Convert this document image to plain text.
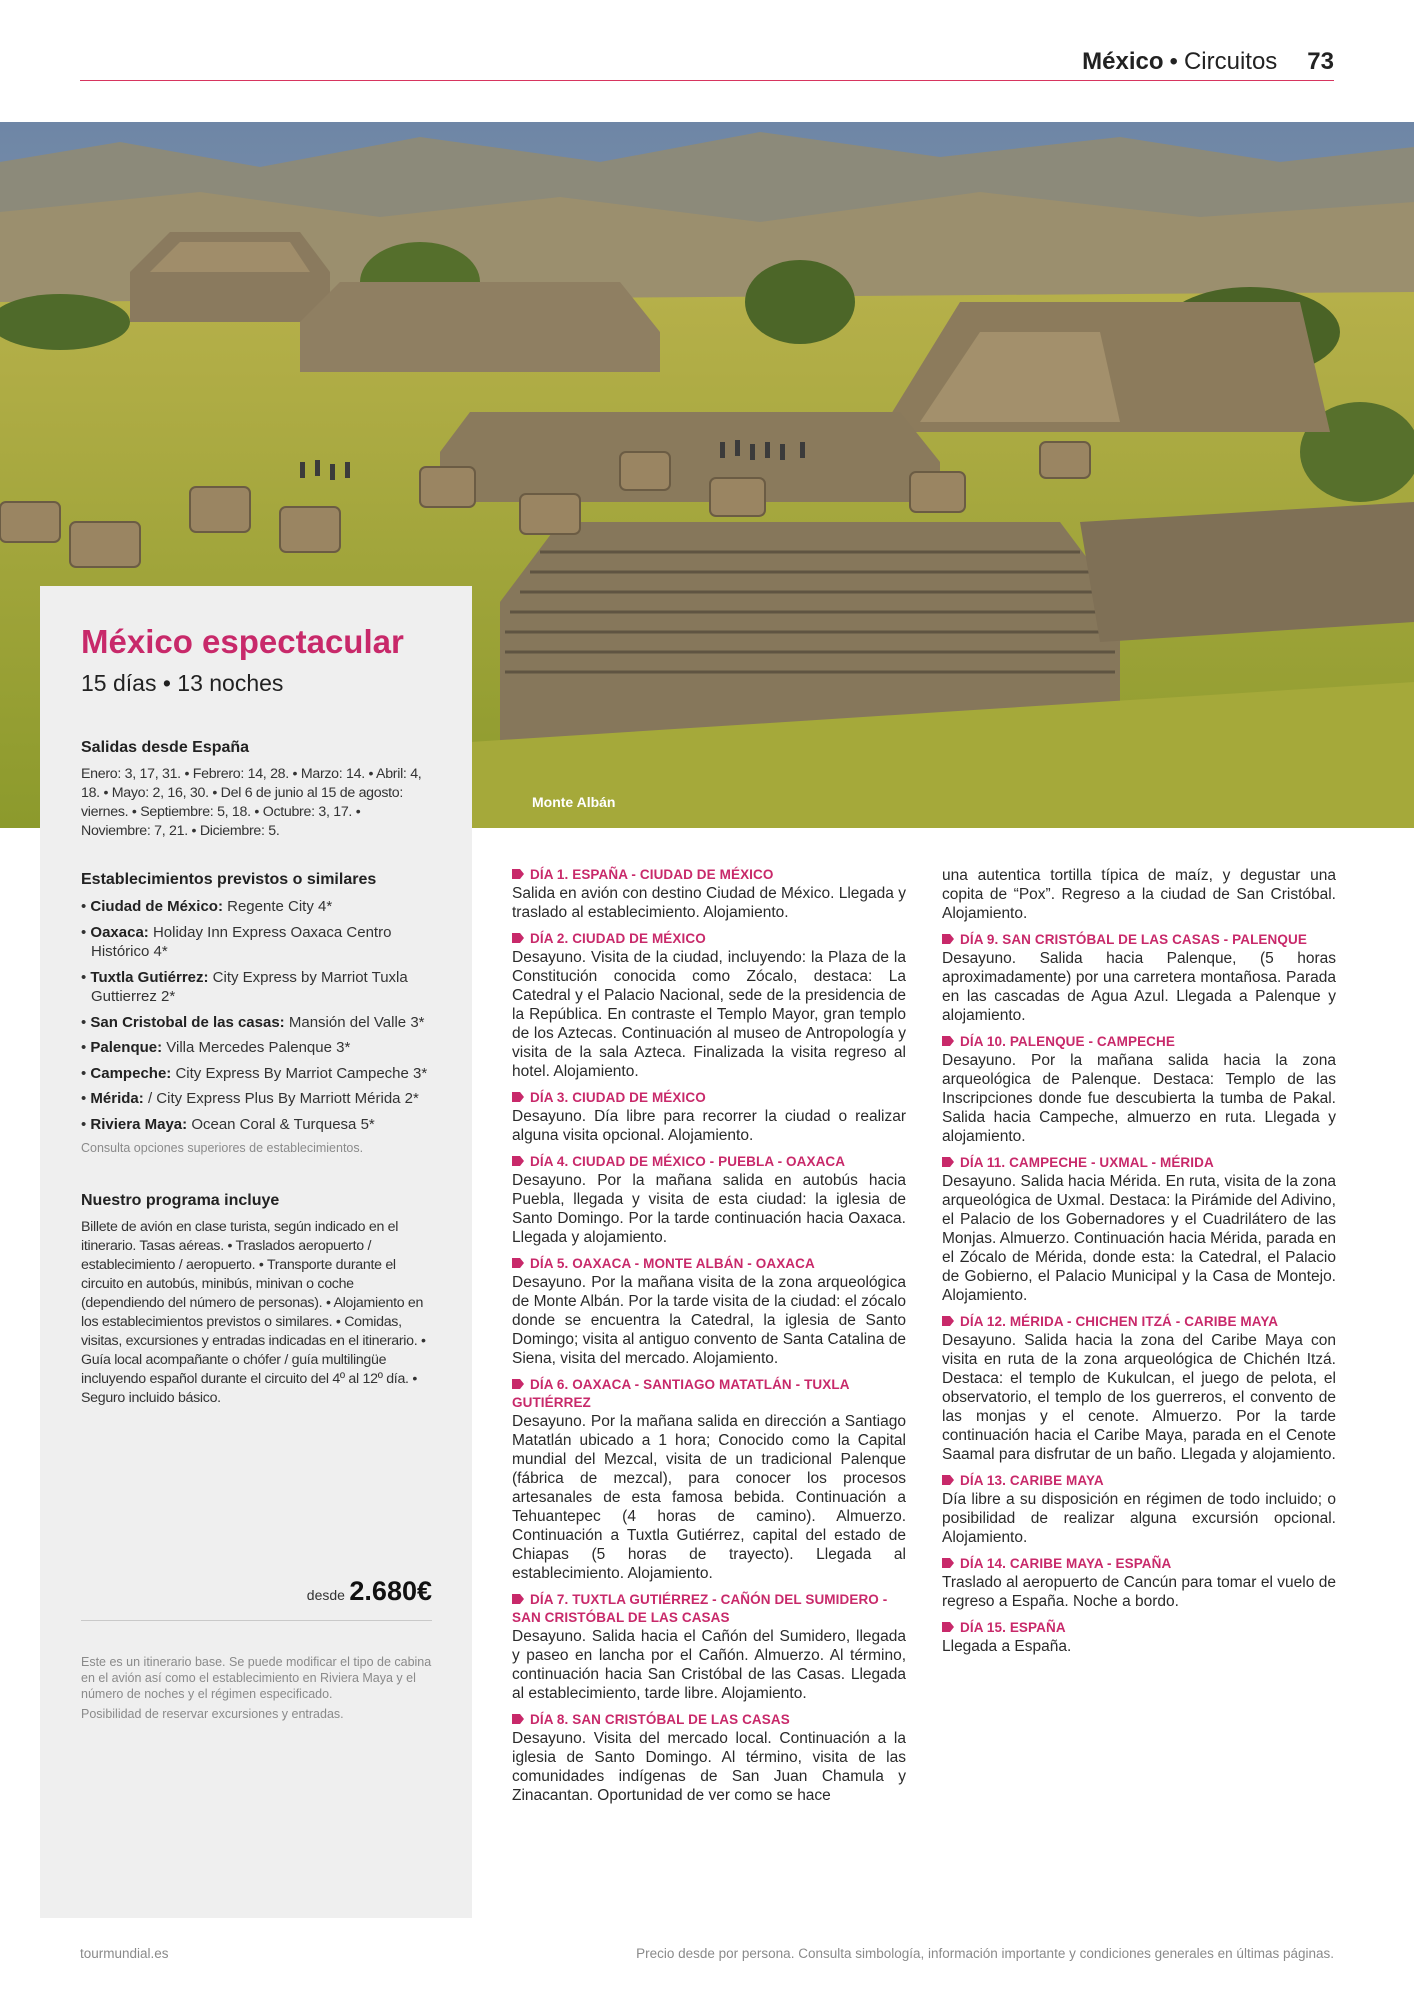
México • Circuitos 73
Monte Albán
México espectacular
15 días • 13 noches
Salidas desde España
Enero: 3, 17, 31. • Febrero: 14, 28. • Marzo: 14. • Abril: 4, 18. • Mayo: 2, 16, 30. • Del 6 de junio al 15 de agosto: viernes. • Septiembre: 5, 18. • Octubre: 3, 17. • Noviembre: 7, 21. • Diciembre: 5.
Establecimientos previstos o similares
• Ciudad de México: Regente City 4*
• Oaxaca: Holiday Inn Express Oaxaca Centro Histórico 4*
• Tuxtla Gutiérrez: City Express by Marriot Tuxla Guttierrez 2*
• San Cristobal de las casas: Mansión del Valle 3*
• Palenque: Villa Mercedes Palenque 3*
• Campeche: City Express By Marriot Campeche 3*
• Mérida: / City Express Plus By Marriott Mérida 2*
• Riviera Maya: Ocean Coral & Turquesa 5*
Consulta opciones superiores de establecimientos.
Nuestro programa incluye
Billete de avión en clase turista, según indicado en el itinerario. Tasas aéreas. • Traslados aeropuerto / establecimiento / aeropuerto. • Transporte durante el circuito en autobús, minibús, minivan o coche (dependiendo del número de personas). • Alojamiento en los establecimientos previstos o similares. • Comidas, visitas, excursiones y entradas indicadas en el itinerario. • Guía local acompañante o chófer / guía multilingüe incluyendo español durante el circuito del 4º al 12º día. • Seguro incluido básico.
desde 2.680€
Este es un itinerario base. Se puede modificar el tipo de cabina en el avión así como el establecimiento en Riviera Maya y el número de noches y el régimen especificado.
Posibilidad de reservar excursiones y entradas.
DÍA 1. ESPAÑA - CIUDAD DE MÉXICO
Salida en avión con destino Ciudad de México. Llegada y traslado al establecimiento. Alojamiento.
DÍA 2. CIUDAD DE MÉXICO
Desayuno. Visita de la ciudad, incluyendo: la Plaza de la Constitución conocida como Zócalo, destaca: La Catedral y el Palacio Nacional, sede de la presidencia de la República. En contraste el Templo Mayor, gran templo de los Aztecas. Continuación al museo de Antropología y visita de la sala Azteca. Finalizada la visita regreso al hotel. Alojamiento.
DÍA 3. CIUDAD DE MÉXICO
Desayuno. Día libre para recorrer la ciudad o realizar alguna visita opcional. Alojamiento.
DÍA 4. CIUDAD DE MÉXICO - PUEBLA - OAXACA
Desayuno. Por la mañana salida en autobús hacia Puebla, llegada y visita de esta ciudad: la iglesia de Santo Domingo. Por la tarde continuación hacia Oaxaca. Llegada y alojamiento.
DÍA 5. OAXACA - MONTE ALBÁN - OAXACA
Desayuno. Por la mañana visita de la zona arqueológica de Monte Albán. Por la tarde visita de la ciudad: el zócalo donde se encuentra la Catedral, la iglesia de Santo Domingo; visita al antiguo convento de Santa Catalina de Siena, visita del mercado. Alojamiento.
DÍA 6. OAXACA - SANTIAGO MATATLÁN - TUXLA GUTIÉRREZ
Desayuno. Por la mañana salida en dirección a Santiago Matatlán ubicado a 1 hora; Conocido como la Capital mundial del Mezcal, visita de un tradicional Palenque (fábrica de mezcal), para conocer los procesos artesanales de esta famosa bebida. Continuación a Tehuantepec (4 horas de camino). Almuerzo. Continuación a Tuxtla Gutiérrez, capital del estado de Chiapas (5 horas de trayecto). Llegada al establecimiento. Alojamiento.
DÍA 7. TUXTLA GUTIÉRREZ - CAÑÓN DEL SUMIDERO - SAN CRISTÓBAL DE LAS CASAS
Desayuno. Salida hacia el Cañón del Sumidero, llegada y paseo en lancha por el Cañón. Almuerzo. Al término, continuación hacia San Cristóbal de las Casas. Llegada al establecimiento, tarde libre. Alojamiento.
DÍA 8. SAN CRISTÓBAL DE LAS CASAS
Desayuno. Visita del mercado local. Continuación a la iglesia de Santo Domingo. Al término, visita de las comunidades indígenas de San Juan Chamula y Zinacantan. Oportunidad de ver como se hace
una autentica tortilla típica de maíz, y degustar una copita de “Pox”. Regreso a la ciudad de San Cristóbal. Alojamiento.
DÍA 9. SAN CRISTÓBAL DE LAS CASAS - PALENQUE
Desayuno. Salida hacia Palenque, (5 horas aproximadamente) por una carretera montañosa. Parada en las cascadas de Agua Azul. Llegada a Palenque y alojamiento.
DÍA 10. PALENQUE - CAMPECHE
Desayuno. Por la mañana salida hacia la zona arqueológica de Palenque. Destaca: Templo de las Inscripciones donde fue descubierta la tumba de Pakal. Salida hacia Campeche, almuerzo en ruta. Llegada y alojamiento.
DÍA 11. CAMPECHE - UXMAL - MÉRIDA
Desayuno. Salida hacia Mérida. En ruta, visita de la zona arqueológica de Uxmal. Destaca: la Pirámide del Adivino, el Palacio de los Gobernadores y el Cuadrilátero de las Monjas. Almuerzo. Continuación hacia Mérida, parada en el Zócalo de Mérida, donde esta: la Catedral, el Palacio de Gobierno, el Palacio Municipal y la Casa de Montejo. Alojamiento.
DÍA 12. MÉRIDA - CHICHEN ITZÁ - CARIBE MAYA
Desayuno. Salida hacia la zona del Caribe Maya con visita en ruta de la zona arqueológica de Chichén Itzá. Destaca: el templo de Kukulcan, el juego de pelota, el observatorio, el templo de los guerreros, el convento de las monjas y el cenote. Almuerzo. Por la tarde continuación hacia el Caribe Maya, parada en el Cenote Saamal para disfrutar de un baño. Llegada y alojamiento.
DÍA 13. CARIBE MAYA
Día libre a su disposición en régimen de todo incluido; o posibilidad de realizar alguna excursión opcional. Alojamiento.
DÍA 14. CARIBE MAYA - ESPAÑA
Traslado al aeropuerto de Cancún para tomar el vuelo de regreso a España. Noche a bordo.
DÍA 15. ESPAÑA
Llegada a España.
tourmundial.es	Precio desde por persona. Consulta simbología, información importante y condiciones generales en últimas páginas.
